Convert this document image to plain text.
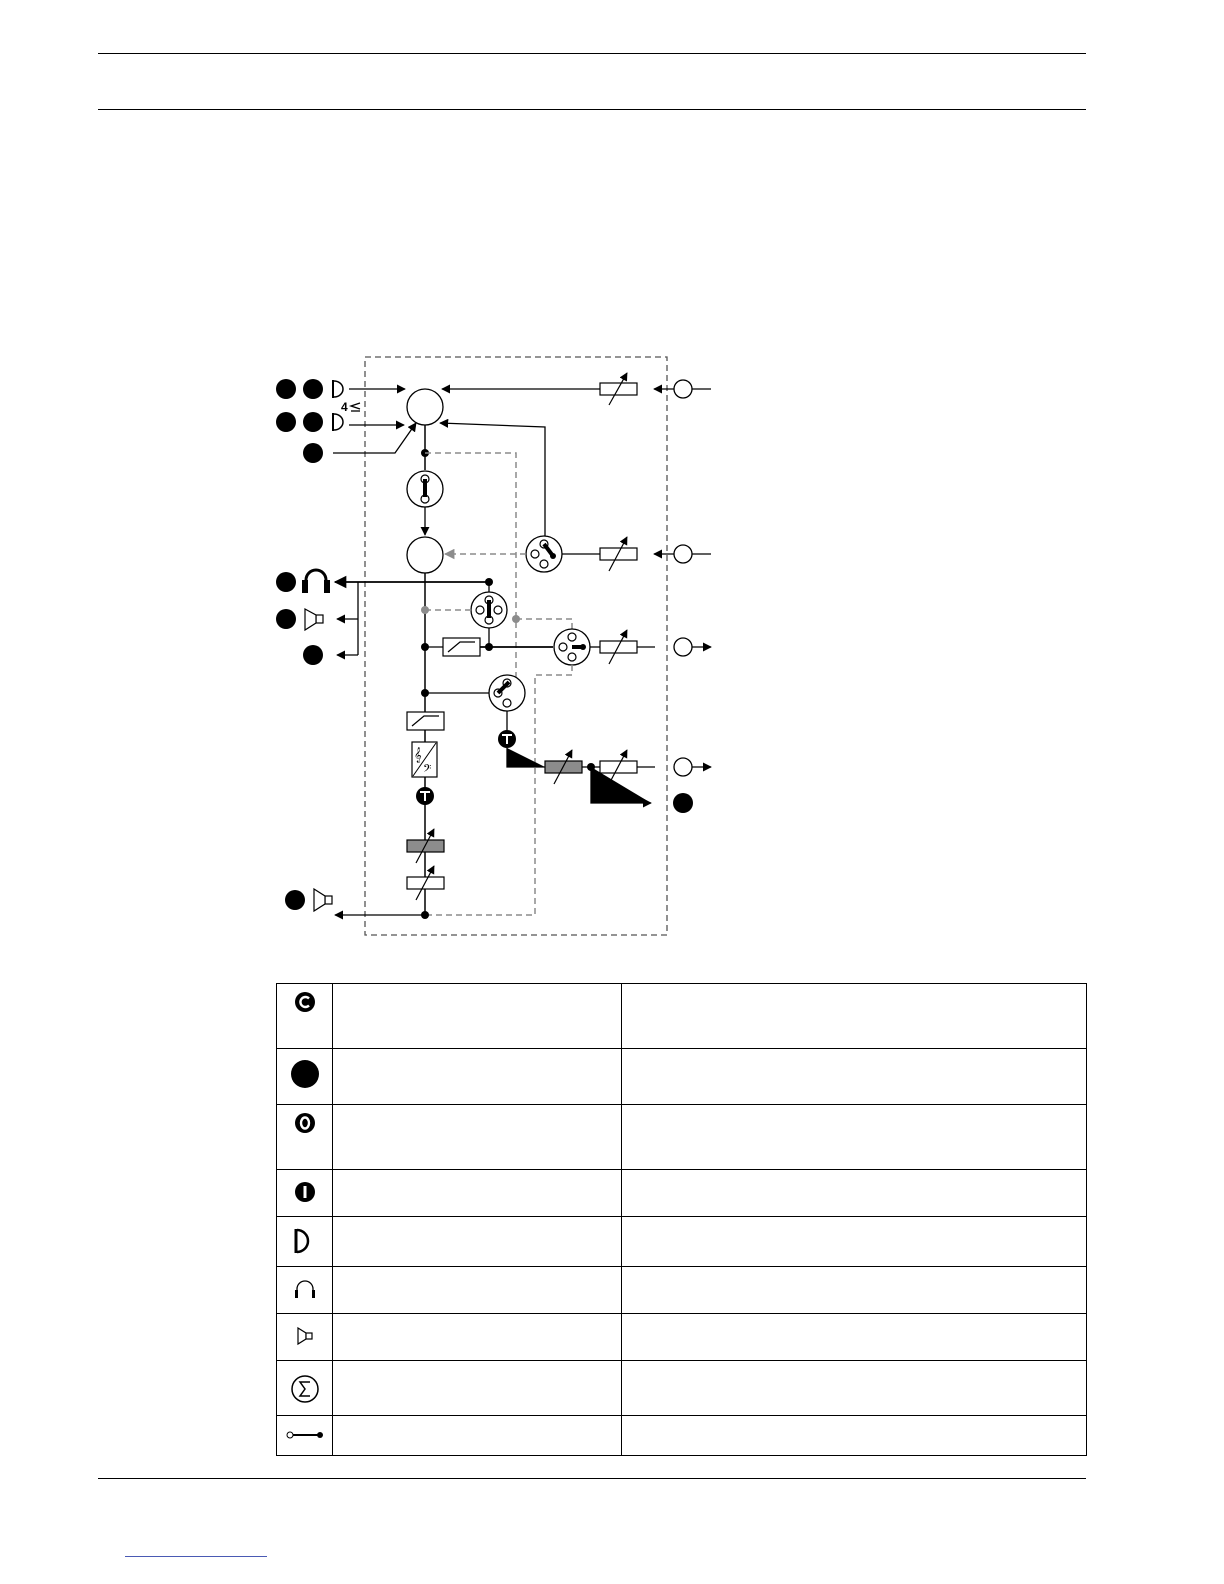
4
𝄞
𝄢
